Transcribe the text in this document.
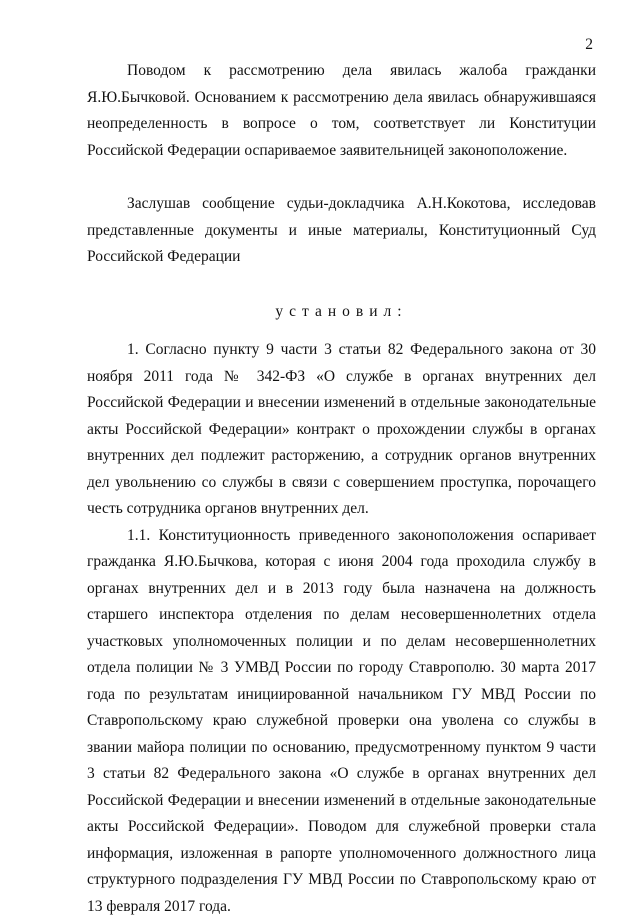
2

Поводом к рассмотрению дела явилась жалоба гражданки Я.Ю.Бычковой. Основанием к рассмотрению дела явилась обнаружившаяся неопределенность в вопросе о том, соответствует ли Конституции Российской Федерации оспариваемое заявительницей законоположение.

Заслушав сообщение судьи-докладчика А.Н.Кокотова, исследовав представленные документы и иные материалы, Конституционный Суд Российской Федерации

установил:

1. Согласно пункту 9 части 3 статьи 82 Федерального закона от 30 ноября 2011 года № 342-ФЗ «О службе в органах внутренних дел Российской Федерации и внесении изменений в отдельные законодательные акты Российской Федерации» контракт о прохождении службы в органах внутренних дел подлежит расторжению, а сотрудник органов внутренних дел увольнению со службы в связи с совершением проступка, порочащего честь сотрудника органов внутренних дел.

1.1. Конституционность приведенного законоположения оспаривает гражданка Я.Ю.Бычкова, которая с июня 2004 года проходила службу в органах внутренних дел и в 2013 году была назначена на должность старшего инспектора отделения по делам несовершеннолетних отдела участковых уполномоченных полиции и по делам несовершеннолетних отдела полиции № 3 УМВД России по городу Ставрополю. 30 марта 2017 года по результатам инициированной начальником ГУ МВД России по Ставропольскому краю служебной проверки она уволена со службы в звании майора полиции по основанию, предусмотренному пунктом 9 части 3 статьи 82 Федерального закона «О службе в органах внутренних дел Российской Федерации и внесении изменений в отдельные законодательные акты Российской Федерации». Поводом для служебной проверки стала информация, изложенная в рапорте уполномоченного должностного лица структурного подразделения ГУ МВД России по Ставропольскому краю от 13 февраля 2017 года.
